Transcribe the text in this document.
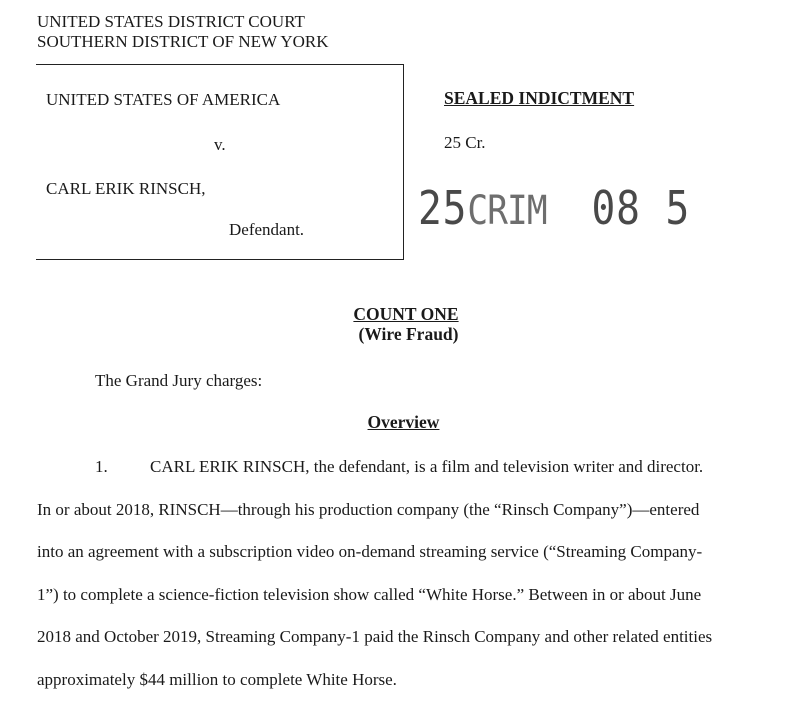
UNITED STATES DISTRICT COURT
SOUTHERN DISTRICT OF NEW YORK
UNITED STATES OF AMERICA
v.
CARL ERIK RINSCH,
Defendant.
SEALED INDICTMENT
25 Cr.
25CRIM 08 5
COUNT ONE
(Wire Fraud)
The Grand Jury charges:
Overview
1. CARL ERIK RINSCH, the defendant, is a film and television writer and director.
In or about 2018, RINSCH—through his production company (the “Rinsch Company”)—entered
into an agreement with a subscription video on-demand streaming service (“Streaming Company-
1”) to complete a science-fiction television show called “White Horse.” Between in or about June
2018 and October 2019, Streaming Company-1 paid the Rinsch Company and other related entities
approximately $44 million to complete White Horse.
